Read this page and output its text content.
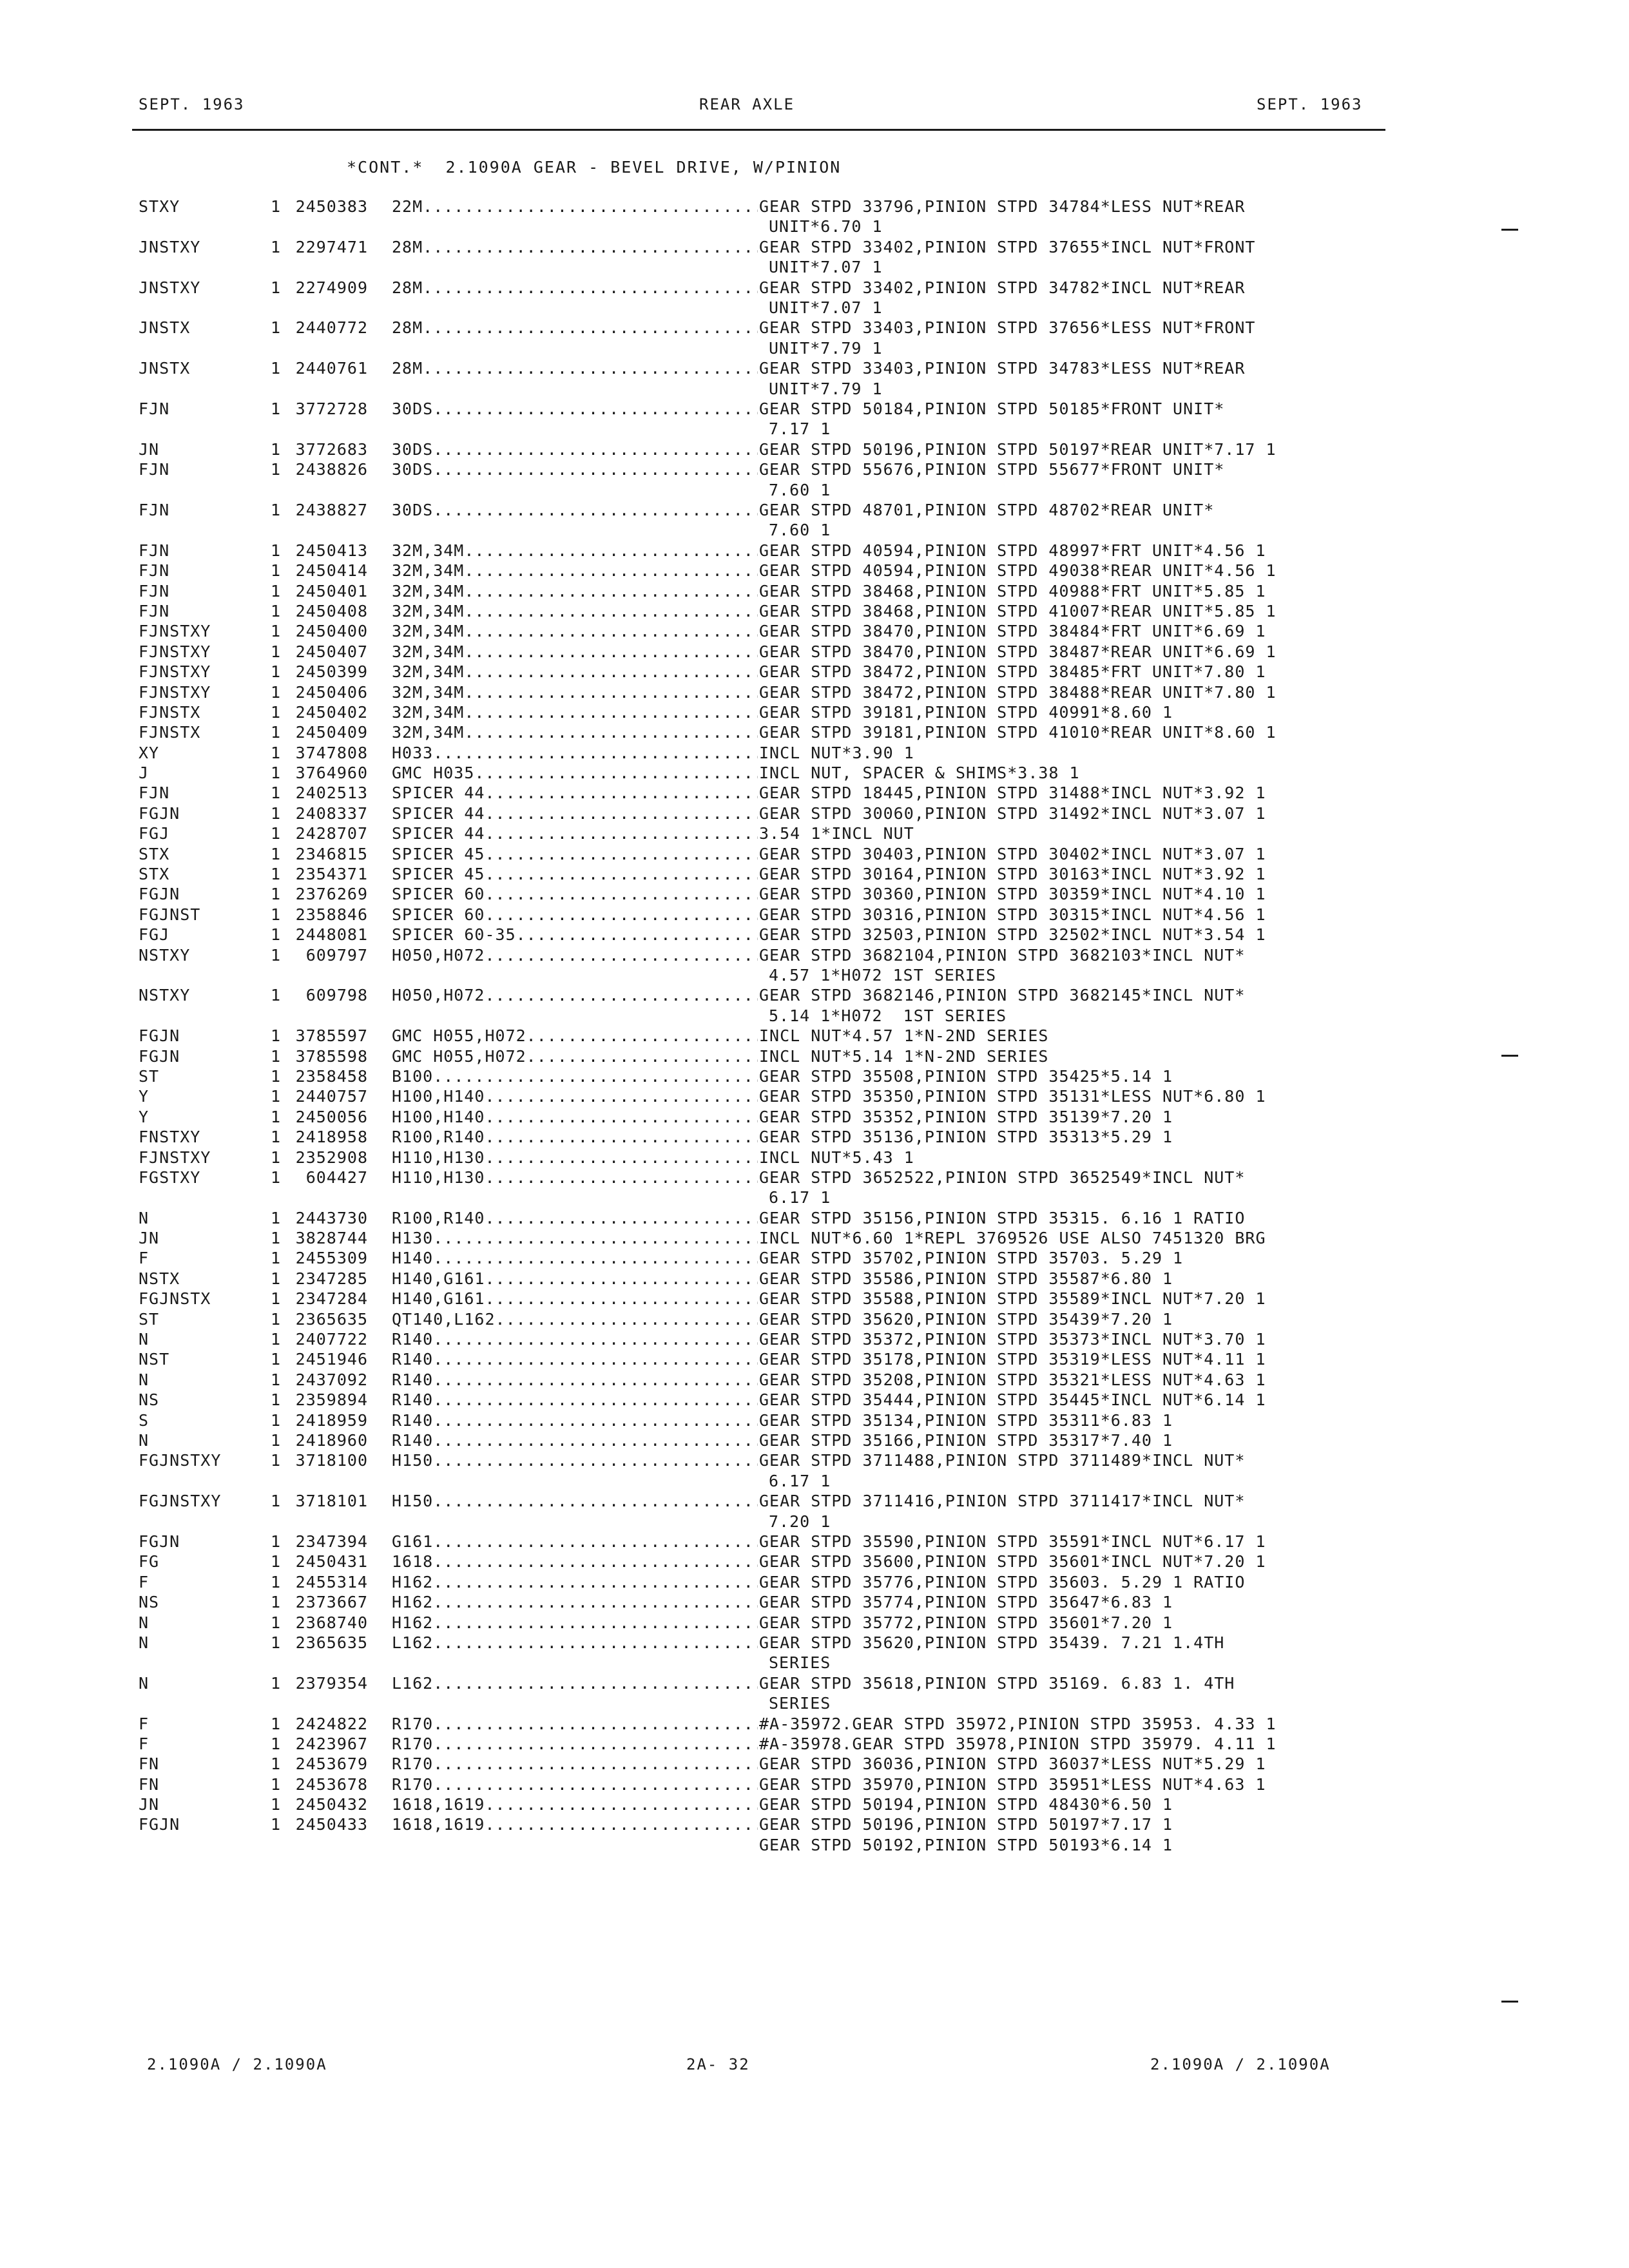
SEPT. 1963	REAR AXLE	SEPT. 1963
*CONT.*  2.1090A GEAR - BEVEL DRIVE, W/PINION
STXY	1 2450383 22M .....	GEAR STPD 33796,PINION STPD 34784*LESS NUT*REAR
UNIT*6.70 1
JNSTXY	1 2297471 28M .....	GEAR STPD 33402,PINION STPD 37655*INCL NUT*FRONT
UNIT*7.07 1
JNSTXY	1 2274909 28M .....	GEAR STPD 33402,PINION STPD 34782*INCL NUT*REAR
UNIT*7.07 1
JNSTX	1 2440772 28M .....	GEAR STPD 33403,PINION STPD 37656*LESS NUT*FRONT
UNIT*7.79 1
JNSTX	1 2440761 28M .....	GEAR STPD 33403,PINION STPD 34783*LESS NUT*REAR
UNIT*7.79 1
FJN	1 3772728 30DS .....	GEAR STPD 50184,PINION STPD 50185*FRONT UNIT*
7.17 1
JN	1 3772683 30DS .....	GEAR STPD 50196,PINION STPD 50197*REAR UNIT*7.17 1
FJN	1 2438826 30DS .....	GEAR STPD 55676,PINION STPD 55677*FRONT UNIT*
7.60 1
FJN	1 2438827 30DS .....	GEAR STPD 48701,PINION STPD 48702*REAR UNIT*
7.60 1
FJN	1 2450413 32M,34M .....	GEAR STPD 40594,PINION STPD 48997*FRT UNIT*4.56 1
FJN	1 2450414 32M,34M .....	GEAR STPD 40594,PINION STPD 49038*REAR UNIT*4.56 1
FJN	1 2450401 32M,34M .....	GEAR STPD 38468,PINION STPD 40988*FRT UNIT*5.85 1
FJN	1 2450408 32M,34M .....	GEAR STPD 38468,PINION STPD 41007*REAR UNIT*5.85 1
FJNSTXY	1 2450400 32M,34M .....	GEAR STPD 38470,PINION STPD 38484*FRT UNIT*6.69 1
FJNSTXY	1 2450407 32M,34M .....	GEAR STPD 38470,PINION STPD 38487*REAR UNIT*6.69 1
FJNSTXY	1 2450399 32M,34M .....	GEAR STPD 38472,PINION STPD 38485*FRT UNIT*7.80 1
FJNSTXY	1 2450406 32M,34M .....	GEAR STPD 38472,PINION STPD 38488*REAR UNIT*7.80 1
FJNSTX	1 2450402 32M,34M .....	GEAR STPD 39181,PINION STPD 40991*8.60 1
FJNSTX	1 2450409 32M,34M .....	GEAR STPD 39181,PINION STPD 41010*REAR UNIT*8.60 1
XY	1 3747808 H033 .....	INCL NUT*3.90 1
J	1 3764960 GMC H035 .....	INCL NUT, SPACER & SHIMS*3.38 1
FJN	1 2402513 SPICER 44 .....	GEAR STPD 18445,PINION STPD 31488*INCL NUT*3.92 1
FGJN	1 2408337 SPICER 44 .....	GEAR STPD 30060,PINION STPD 31492*INCL NUT*3.07 1
FGJ	1 2428707 SPICER 44 .....	3.54 1*INCL NUT
STX	1 2346815 SPICER 45 .....	GEAR STPD 30403,PINION STPD 30402*INCL NUT*3.07 1
STX	1 2354371 SPICER 45 .....	GEAR STPD 30164,PINION STPD 30163*INCL NUT*3.92 1
FGJN	1 2376269 SPICER 60 .....	GEAR STPD 30360,PINION STPD 30359*INCL NUT*4.10 1
FGJNST	1 2358846 SPICER 60 .....	GEAR STPD 30316,PINION STPD 30315*INCL NUT*4.56 1
FGJ	1 2448081 SPICER 60-35 .....	GEAR STPD 32503,PINION STPD 32502*INCL NUT*3.54 1
NSTXY	1	609797 H050,H072 .....	GEAR STPD 3682104,PINION STPD 3682103*INCL NUT*
4.57 1*H072 1ST SERIES
NSTXY	1	609798 H050,H072 .....	GEAR STPD 3682146,PINION STPD 3682145*INCL NUT*
5.14 1*H072  1ST SERIES
FGJN	1 3785597 GMC H055,H072 .....	INCL NUT*4.57 1*N-2ND SERIES
FGJN	1 3785598 GMC H055,H072 .....	INCL NUT*5.14 1*N-2ND SERIES
ST	1 2358458 B100 .....	GEAR STPD 35508,PINION STPD 35425*5.14 1
Y	1 2440757 H100,H140 .....	GEAR STPD 35350,PINION STPD 35131*LESS NUT*6.80 1
Y	1 2450056 H100,H140 .....	GEAR STPD 35352,PINION STPD 35139*7.20 1
FNSTXY	1 2418958 R100,R140 .....	GEAR STPD 35136,PINION STPD 35313*5.29 1
FJNSTXY	1 2352908 H110,H130 .....	INCL NUT*5.43 1
FGSTXY	1	604427 H110,H130 .....	GEAR STPD 3652522,PINION STPD 3652549*INCL NUT*
6.17 1
N	1 2443730 R100,R140 .....	GEAR STPD 35156,PINION STPD 35315. 6.16 1 RATIO
JN	1 3828744 H130 .....	INCL NUT*6.60 1*REPL 3769526 USE ALSO 7451320 BRG
F	1 2455309 H140 .....	GEAR STPD 35702,PINION STPD 35703. 5.29 1
NSTX	1 2347285 H140,G161 .....	GEAR STPD 35586,PINION STPD 35587*6.80 1
FGJNSTX	1 2347284 H140,G161 .....	GEAR STPD 35588,PINION STPD 35589*INCL NUT*7.20 1
ST	1 2365635 QT140,L162 .....	GEAR STPD 35620,PINION STPD 35439*7.20 1
N	1 2407722 R140 .....	GEAR STPD 35372,PINION STPD 35373*INCL NUT*3.70 1
NST	1 2451946 R140 .....	GEAR STPD 35178,PINION STPD 35319*LESS NUT*4.11 1
N	1 2437092 R140 .....	GEAR STPD 35208,PINION STPD 35321*LESS NUT*4.63 1
NS	1 2359894 R140 .....	GEAR STPD 35444,PINION STPD 35445*INCL NUT*6.14 1
S	1 2418959 R140 .....	GEAR STPD 35134,PINION STPD 35311*6.83 1
N	1 2418960 R140 .....	GEAR STPD 35166,PINION STPD 35317*7.40 1
FGJNSTXY	1 3718100 H150 .....	GEAR STPD 3711488,PINION STPD 3711489*INCL NUT*
6.17 1
FGJNSTXY	1 3718101 H150 .....	GEAR STPD 3711416,PINION STPD 3711417*INCL NUT*
7.20 1
FGJN	1 2347394 G161 .....	GEAR STPD 35590,PINION STPD 35591*INCL NUT*6.17 1
FG	1 2450431 1618 .....	GEAR STPD 35600,PINION STPD 35601*INCL NUT*7.20 1
F	1 2455314 H162 .....	GEAR STPD 35776,PINION STPD 35603. 5.29 1 RATIO
NS	1 2373667 H162 .....	GEAR STPD 35774,PINION STPD 35647*6.83 1
N	1 2368740 H162 .....	GEAR STPD 35772,PINION STPD 35601*7.20 1
N	1 2365635 L162 .....	GEAR STPD 35620,PINION STPD 35439. 7.21 1.4TH
SERIES
N	1 2379354 L162 .....	GEAR STPD 35618,PINION STPD 35169. 6.83 1. 4TH
SERIES
F	1 2424822 R170 .....	#A-35972.GEAR STPD 35972,PINION STPD 35953. 4.33 1
F	1 2423967 R170 .....	#A-35978.GEAR STPD 35978,PINION STPD 35979. 4.11 1
FN	1 2453679 R170 .....	GEAR STPD 36036,PINION STPD 36037*LESS NUT*5.29 1
FN	1 2453678 R170 .....	GEAR STPD 35970,PINION STPD 35951*LESS NUT*4.63 1
JN	1 2450432 1618,1619 .....	GEAR STPD 50194,PINION STPD 48430*6.50 1
FGJN	1 2450433 1618,1619 .....	GEAR STPD 50196,PINION STPD 50197*7.17 1
GEAR STPD 50192,PINION STPD 50193*6.14 1
2.1090A / 2.1090A	2A- 32	2.1090A / 2.1090A
